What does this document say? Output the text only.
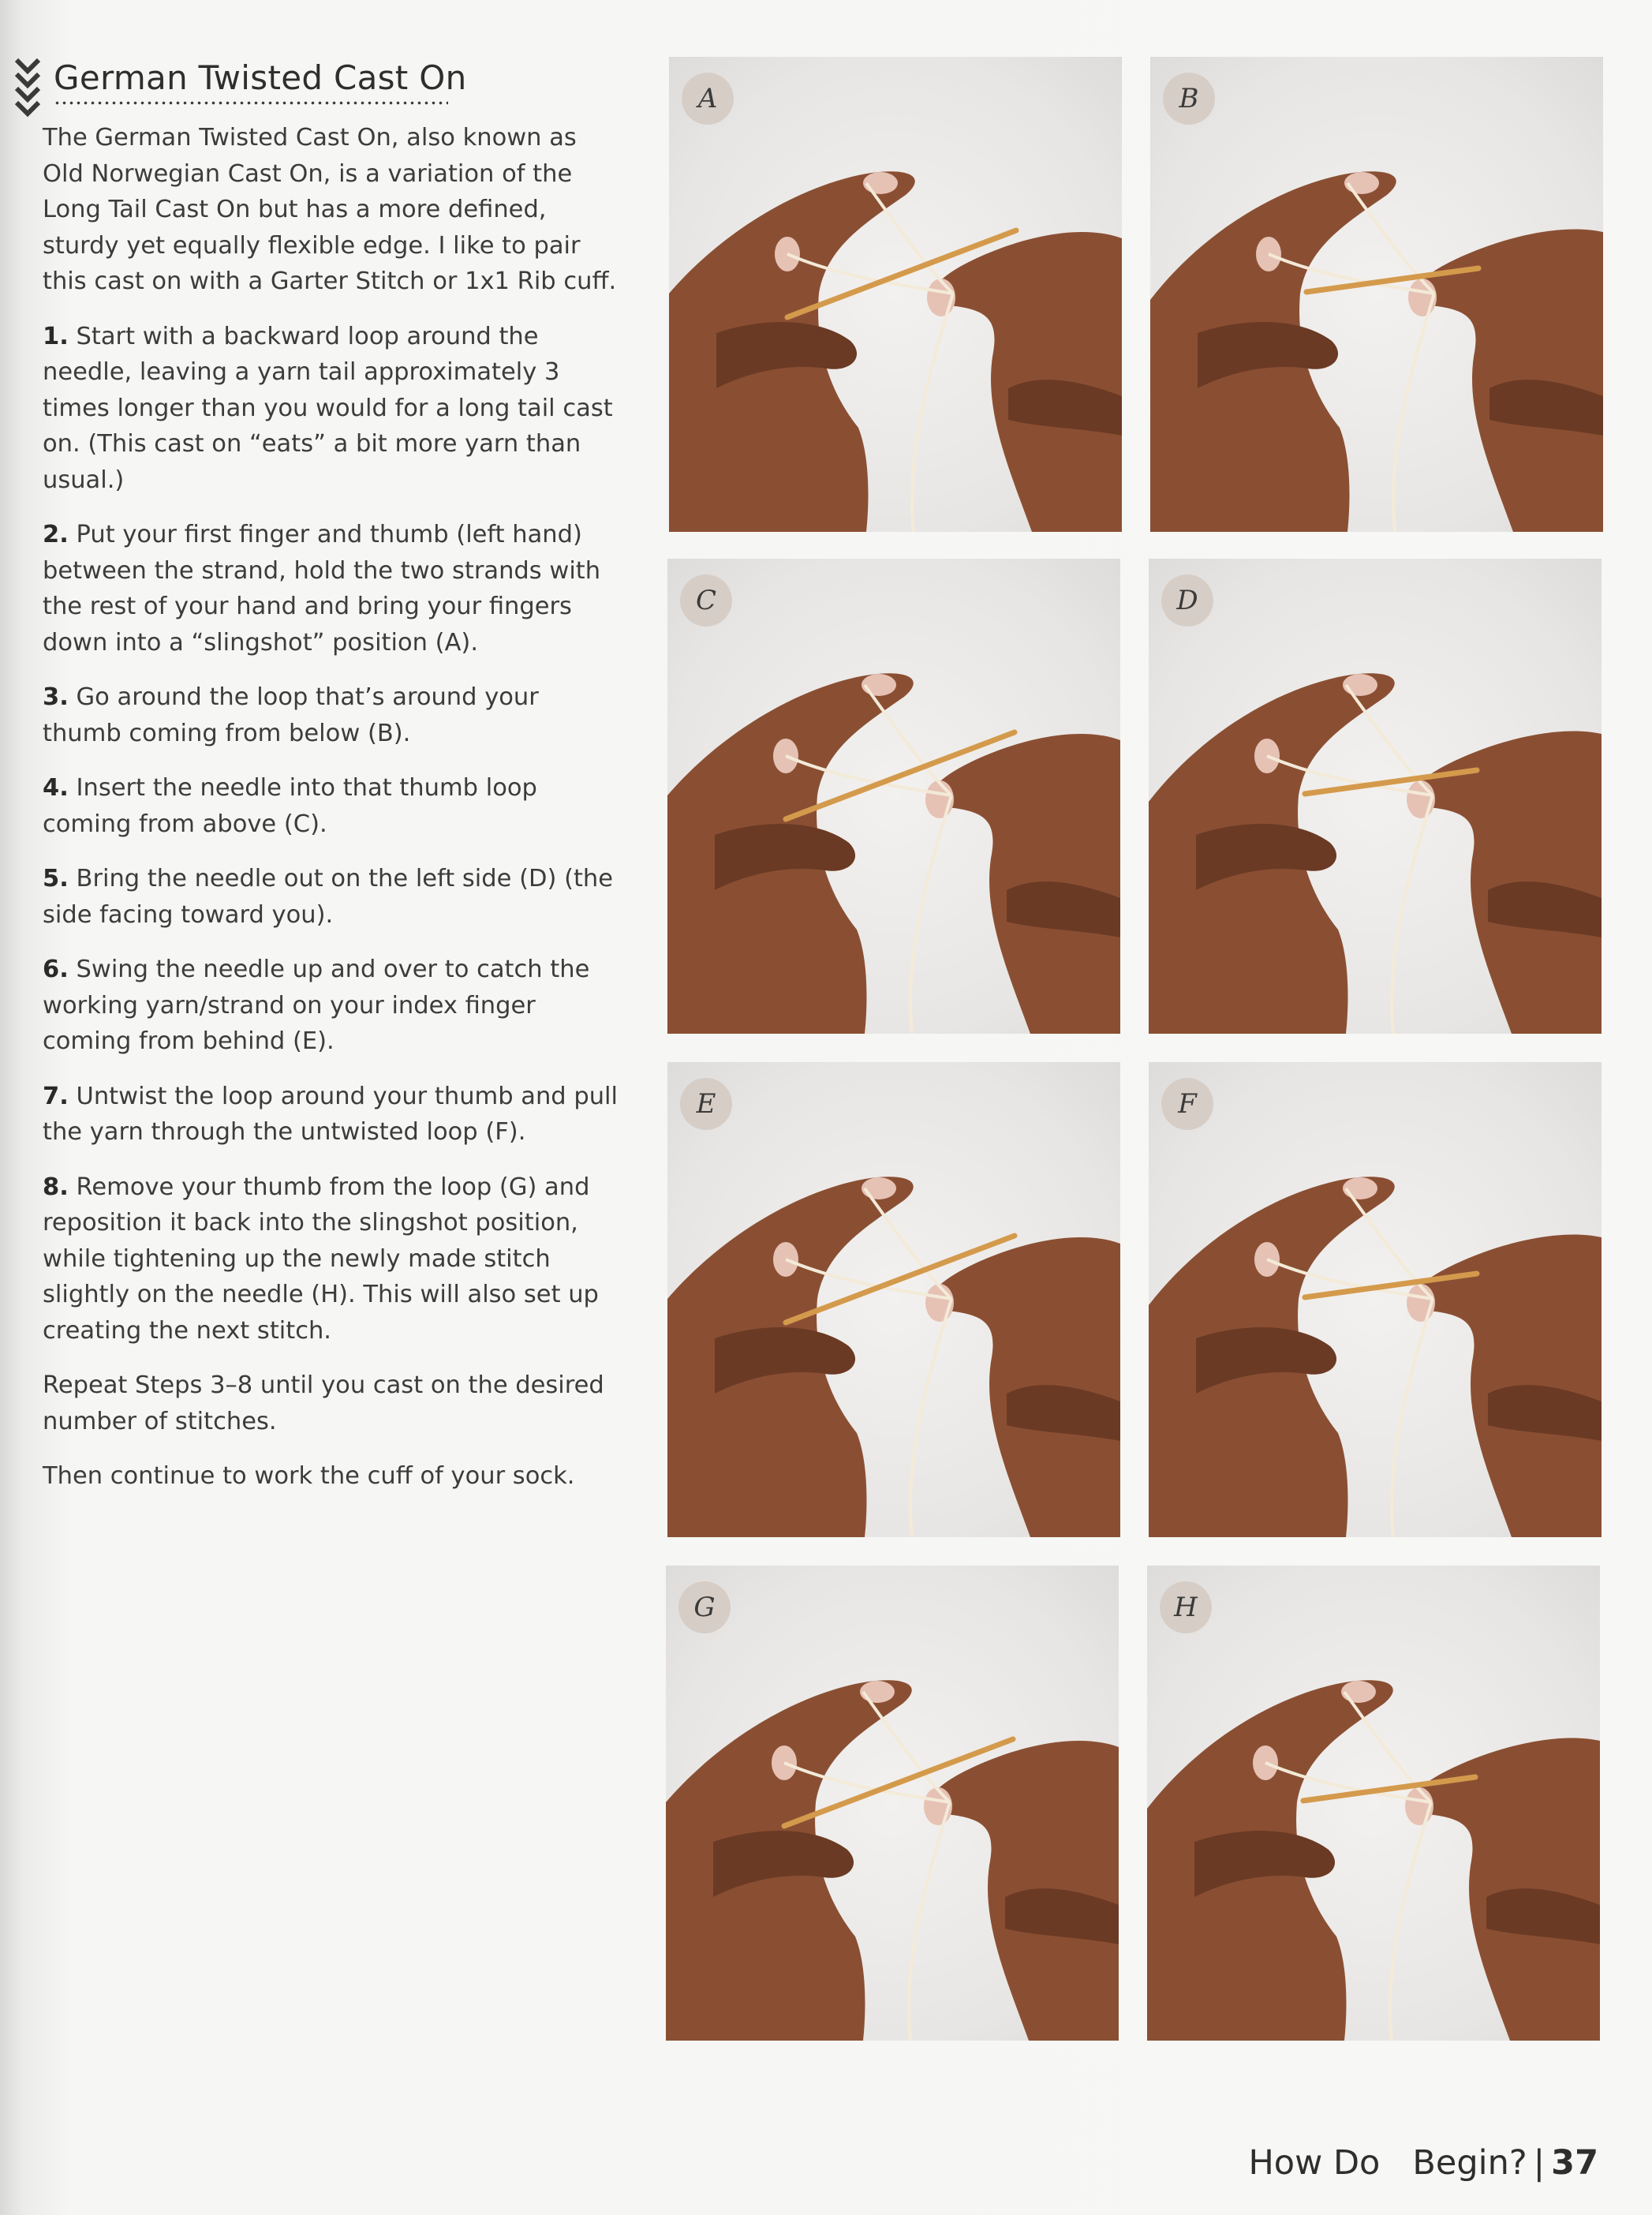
German Twisted Cast On

The German Twisted Cast On, also known as Old Norwegian Cast On, is a variation of the Long Tail Cast On but has a more defined, sturdy yet equally flexible edge. I like to pair this cast on with a Garter Stitch or 1x1 Rib cuff.

1. Start with a backward loop around the needle, leaving a yarn tail approximately 3 times longer than you would for a long tail cast on. (This cast on “eats” a bit more yarn than usual.)

2. Put your first finger and thumb (left hand) between the strand, hold the two strands with the rest of your hand and bring your fingers down into a “slingshot” position (A).

3. Go around the loop that’s around your thumb coming from below (B).

4. Insert the needle into that thumb loop coming from above (C).

5. Bring the needle out on the left side (D) (the side facing toward you).

6. Swing the needle up and over to catch the working yarn/strand on your index finger coming from behind (E).

7. Untwist the loop around your thumb and pull the yarn through the untwisted loop (F).

8. Remove your thumb from the loop (G) and reposition it back into the slingshot position, while tightening up the newly made stitch slightly on the needle (H). This will also set up creating the next stitch.

Repeat Steps 3–8 until you cast on the desired number of stitches.

Then continue to work the cuff of your sock.

A	B
C	D
E	F
G	H
How Do   Begin? | 37
